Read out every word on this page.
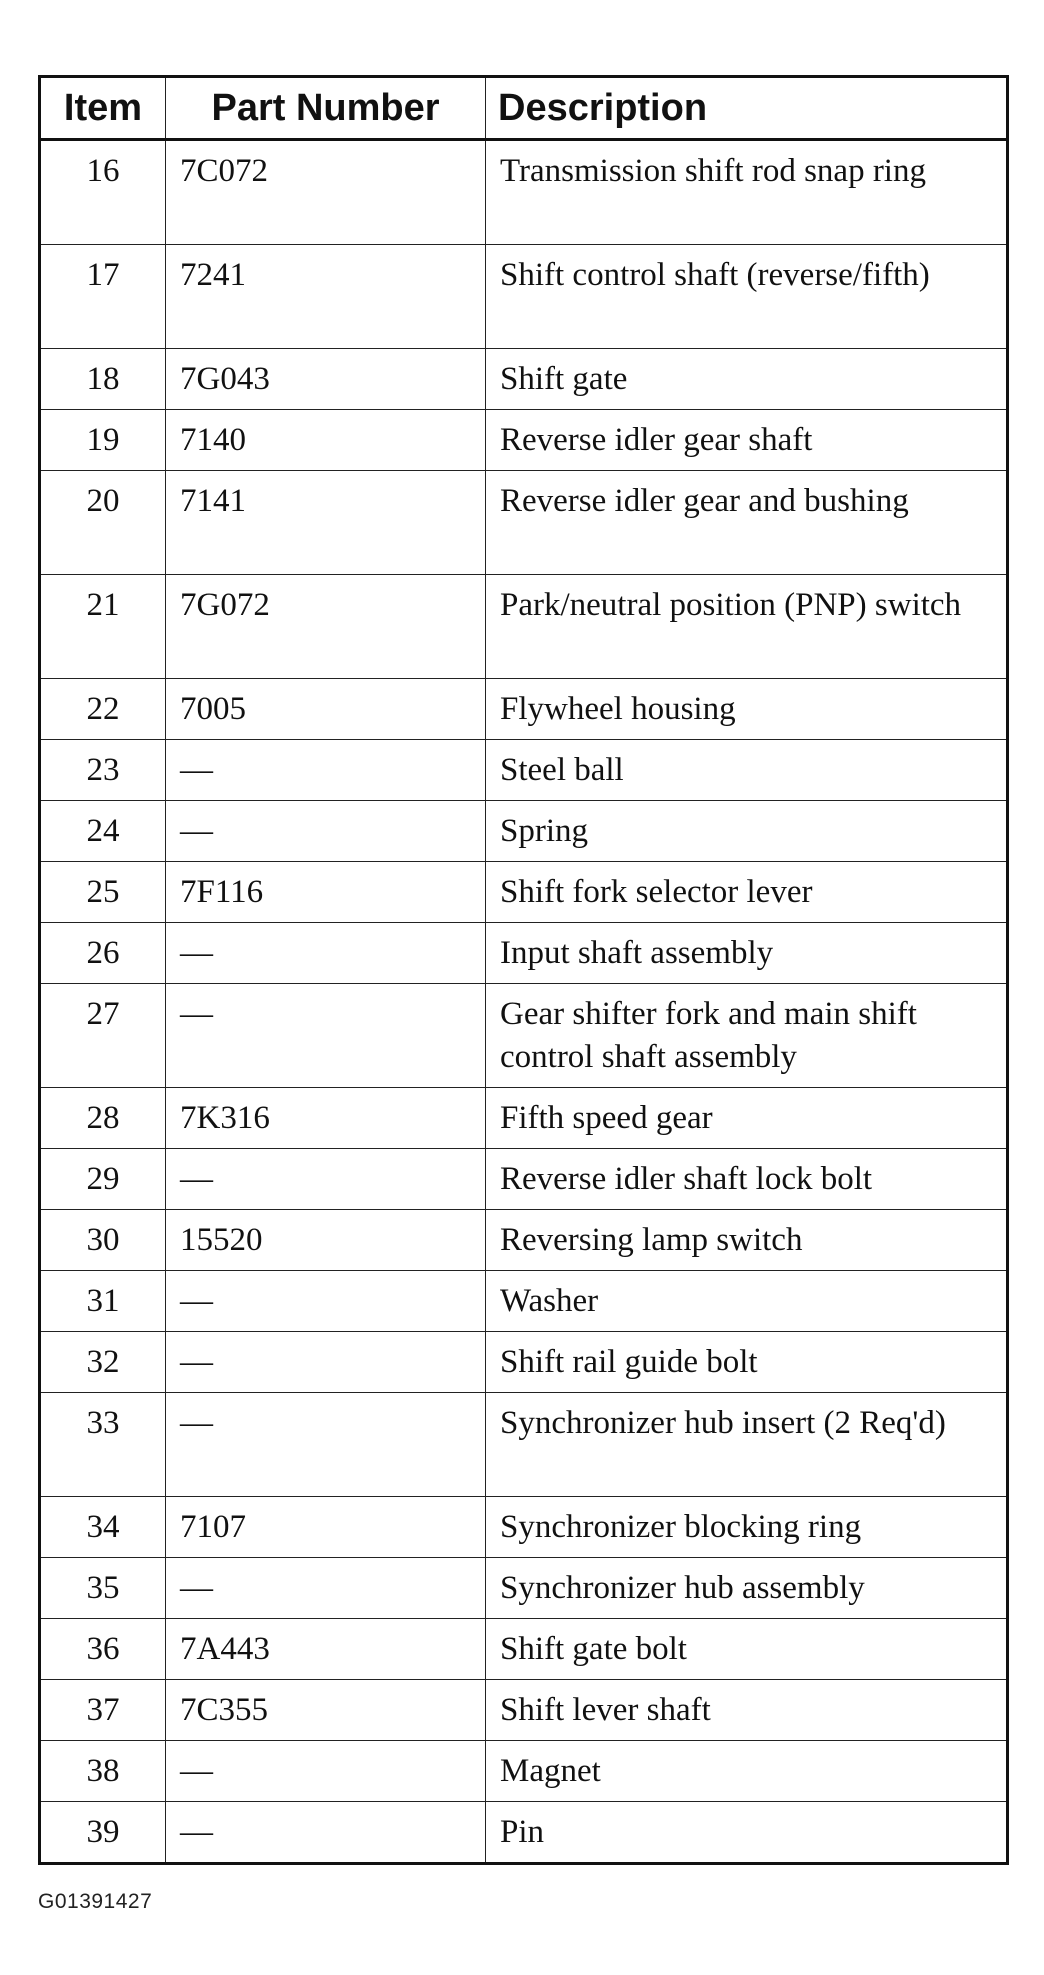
Item	Part Number	Description
16	7C072	Transmission shift rod snap ring
17	7241	Shift control shaft (reverse/fifth)
18	7G043	Shift gate
19	7140	Reverse idler gear shaft
20	7141	Reverse idler gear and bushing
21	7G072	Park/neutral position (PNP) switch
22	7005	Flywheel housing
23	—	Steel ball
24	—	Spring
25	7F116	Shift fork selector lever
26	—	Input shaft assembly
27	—	Gear shifter fork and main shift control shaft assembly
28	7K316	Fifth speed gear
29	—	Reverse idler shaft lock bolt
30	15520	Reversing lamp switch
31	—	Washer
32	—	Shift rail guide bolt
33	—	Synchronizer hub insert (2 Req'd)
34	7107	Synchronizer blocking ring
35	—	Synchronizer hub assembly
36	7A443	Shift gate bolt
37	7C355	Shift lever shaft
38	—	Magnet
39	—	Pin
G01391427
